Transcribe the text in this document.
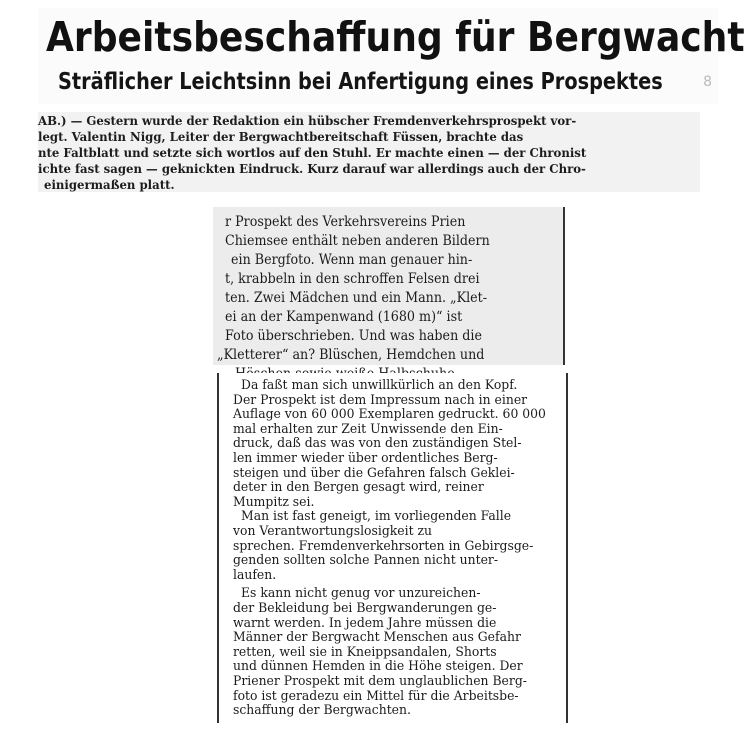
Arbeitsbeschaffung für Bergwacht
Sträflicher Leichtsinn bei Anfertigung eines Prospektes	8
AB.) — Gestern wurde der Redaktion ein hübscher Fremdenverkehrsprospekt vor-
legt. Valentin Nigg, Leiter der Bergwachtbereitschaft Füssen, brachte das
nte Faltblatt und setzte sich wortlos auf den Stuhl. Er machte einen — der Chronist
ichte fast sagen — geknickten Eindruck. Kurz darauf war allerdings auch der Chro-
einigermaßen platt.
r Prospekt des Verkehrsvereins Prien
Chiemsee enthält neben anderen Bildern
ein Bergfoto. Wenn man genauer hin-
t, krabbeln in den schroffen Felsen drei
ten. Zwei Mädchen und ein Mann. „Klet-
ei an der Kampenwand (1680 m)“ ist
Foto überschrieben. Und was haben die
„Kletterer“ an? Blüschen, Hemdchen und
Da faßt man sich unwillkürlich an den Kopf.
Der Prospekt ist dem Impressum nach in einer
Auflage von 60 000 Exemplaren gedruckt. 60 000
mal erhalten zur Zeit Unwissende den Ein-
druck, daß das was von den zuständigen Stel-
len immer wieder über ordentliches Berg-
steigen und über die Gefahren falsch Geklei-
deter in den Bergen gesagt wird, reiner
Mumpitz sei.
Man ist fast geneigt, im vorliegenden Falle
von Verantwortungslosigkeit zu
sprechen. Fremdenverkehrsorten in Gebirgsge-
genden sollten solche Pannen nicht unter-
laufen.
Es kann nicht genug vor unzureichen-
der Bekleidung bei Bergwanderungen ge-
warnt werden. In jedem Jahre müssen die
Männer der Bergwacht Menschen aus Gefahr
retten, weil sie in Kneippsandalen, Shorts
und dünnen Hemden in die Höhe steigen. Der
Priener Prospekt mit dem unglaublichen Berg-
foto ist geradezu ein Mittel für die Arbeitsbe-
schaffung der Bergwachten.
